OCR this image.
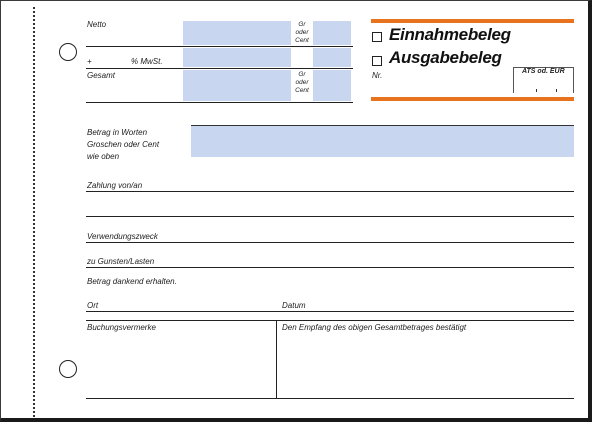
Netto	Gr
oder
Cent
+	% MwSt.
Gesamt	Gr
oder
Cent
Einnahmebeleg
Ausgabebeleg
Nr.	ATS od. EUR
Betrag in Worten
Groschen oder Cent
wie oben
Zahlung von/an
Verwendungszweck
zu Gunsten/Lasten
Betrag dankend erhalten.
Ort	Datum
Buchungsvermerke	Den Empfang des obigen Gesamtbetrages bestätigt
